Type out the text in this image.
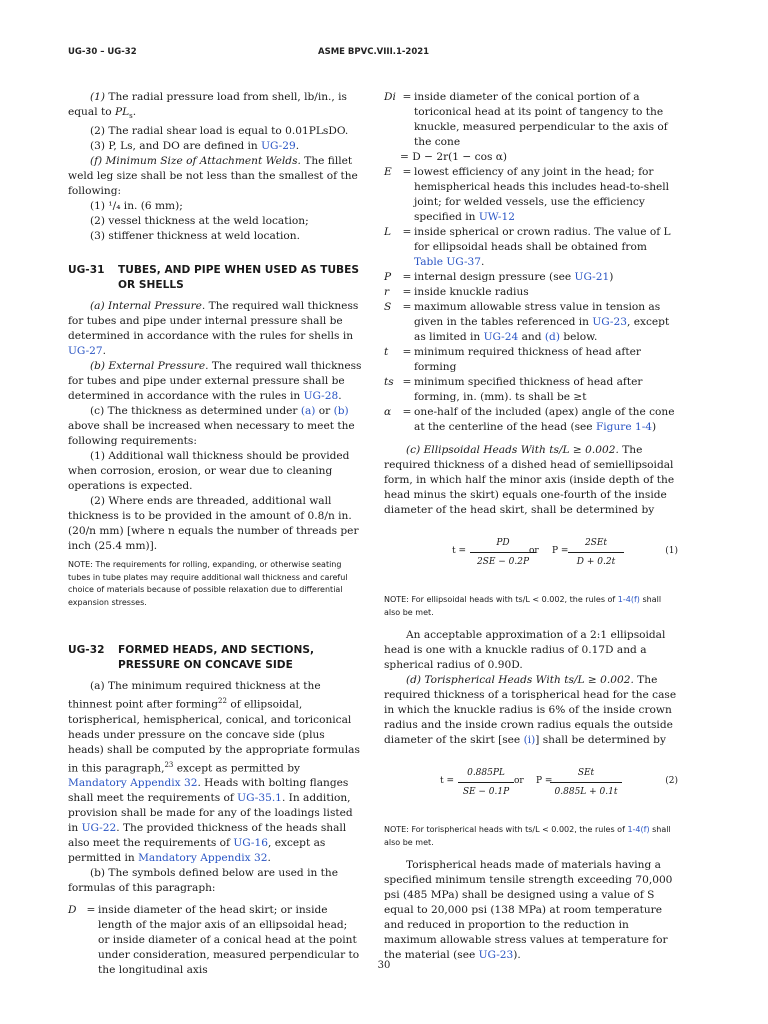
UG-30 – UG-32	ASME BPVC.VIII.1-2021

(1) The radial pressure load from shell, lb/in., is equal to $PL_s$.

(2) The radial shear load is equal to 0.01PLsDO.

(3) P, Ls, and DO are defined in UG-29.

(f) Minimum Size of Attachment Welds. The fillet weld leg size shall be not less than the smallest of the following:

(1) ¹/₄ in. (6 mm);

(2) vessel thickness at the weld location;

(3) stiffener thickness at weld location.

UG-31	TUBES, AND PIPE WHEN USED AS TUBES OR SHELLS

(a) Internal Pressure. The required wall thickness for tubes and pipe under internal pressure shall be determined in accordance with the rules for shells in UG-27.

(b) External Pressure. The required wall thickness for tubes and pipe under external pressure shall be determined in accordance with the rules in UG-28.

(c) The thickness as determined under (a) or (b) above shall be increased when necessary to meet the following requirements:

(1) Additional wall thickness should be provided when corrosion, erosion, or wear due to cleaning operations is expected.

(2) Where ends are threaded, additional wall thickness is to be provided in the amount of 0.8/n in. (20/n mm) [where n equals the number of threads per inch (25.4 mm)].

NOTE: The requirements for rolling, expanding, or otherwise seating tubes in tube plates may require additional wall thickness and careful choice of materials because of possible relaxation due to differential expansion stresses.

UG-32	FORMED HEADS, AND SECTIONS, PRESSURE ON CONCAVE SIDE

(a) The minimum required thickness at the thinnest point after forming$^{22}$ of ellipsoidal, torispherical, hemispherical, conical, and toriconical heads under pressure on the concave side (plus heads) shall be computed by the appropriate formulas in this paragraph,$^{23}$ except as permitted by Mandatory Appendix 32. Heads with bolting flanges shall meet the requirements of UG-35.1. In addition, provision shall be made for any of the loadings listed in UG-22. The provided thickness of the heads shall also meet the requirements of UG-16, except as permitted in Mandatory Appendix 32.

(b) The symbols defined below are used in the formulas of this paragraph:

D = inside diameter of the head skirt; or inside length of the major axis of an ellipsoidal head; or inside diameter of a conical head at the point under consideration, measured perpendicular to the longitudinal axis
Di = inside diameter of the conical portion of a toriconical head at its point of tangency to the knuckle, measured perpendicular to the axis of the cone
= D − 2r(1 − cos α)
E	= lowest efficiency of any joint in the head; for hemispherical heads this includes head-to-shell joint; for welded vessels, use the efficiency specified in UW-12
L	= inside spherical or crown radius. The value of L for ellipsoidal heads shall be obtained from Table UG-37.
P	= internal design pressure (see UG-21)
r	= inside knuckle radius
S	= maximum allowable stress value in tension as given in the tables referenced in UG-23, except as limited in UG-24 and (d) below.
t	= minimum required thickness of head after forming
ts = minimum specified thickness of head after forming, in. (mm). ts shall be ≥t
α	= one-half of the included (apex) angle of the cone at the centerline of the head (see Figure 1-4)

(c) Ellipsoidal Heads With ts/L ≥ 0.002. The required thickness of a dished head of semiellipsoidal form, in which half the minor axis (inside depth of the head minus the skirt) equals one-fourth of the inside diameter of the head skirt, shall be determined by

$t = \frac{PD}{2SE - 0.2P}$
or P =
2SEt
D + 0.2t
(1)

NOTE: For ellipsoidal heads with ts/L < 0.002, the rules of 1-4(f) shall also be met.

An acceptable approximation of a 2:1 ellipsoidal head is one with a knuckle radius of 0.17D and a spherical radius of 0.90D.

(d) Torispherical Heads With ts/L ≥ 0.002. The required thickness of a torispherical head for the case in which the knuckle radius is 6% of the inside crown radius and the inside crown radius equals the outside diameter of the skirt [see (i)] shall be determined by

$t = \frac{0.885PL}{SE - 0.1P}$ or P =
SEt
0.885L + 0.1t
(2)

NOTE: For torispherical heads with ts/L < 0.002, the rules of 1-4(f) shall also be met.

Torispherical heads made of materials having a specified minimum tensile strength exceeding 70,000 psi (485 MPa) shall be designed using a value of S equal to 20,000 psi (138 MPa) at room temperature and reduced in proportion to the reduction in maximum allowable stress values at temperature for the material (see UG-23).

30
